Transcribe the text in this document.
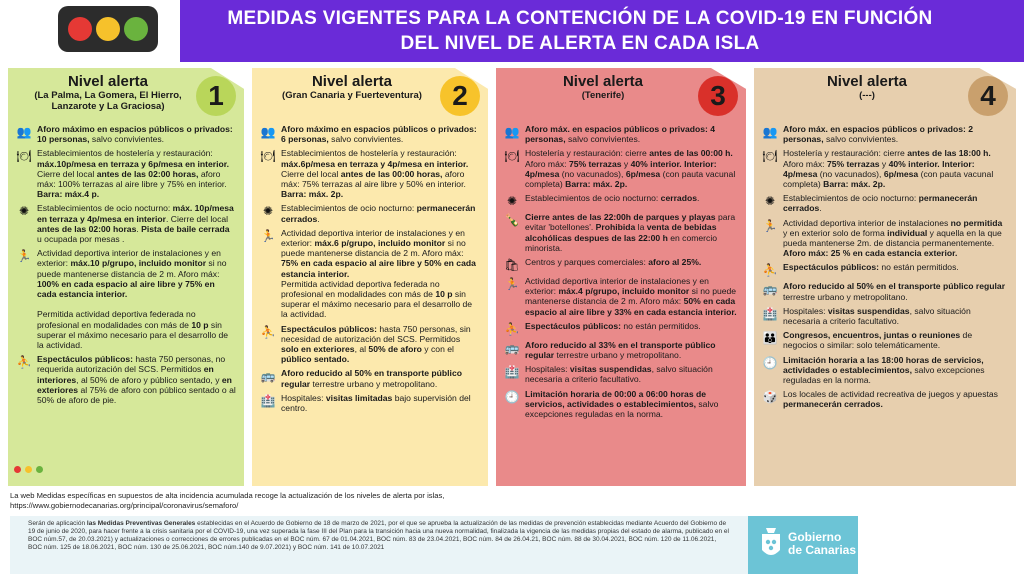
MEDIDAS VIGENTES PARA LA CONTENCIÓN DE LA COVID-19 EN FUNCIÓN
DEL NIVEL DE ALERTA EN CADA ISLA
Nivel alerta
(La Palma, La Gomera, El Hierro, Lanzarote y La Graciosa)	1
👥 Aforo máximo en espacios públicos o privados: 10 personas, salvo convivientes.
🍽 Establecimientos de hostelería y restauración: máx.10p/mesa en terraza y 6p/mesa en interior. Cierre del local antes de las 02:00 horas, aforo máx: 100% terrazas al aire libre y 75% en interior. Barra: máx.4 p.
✺ Establecimientos de ocio nocturno: máx. 10p/mesa en terraza y 4p/mesa en interior. Cierre del local antes de las 02:00 horas. Pista de baile cerrada u ocupada por mesas .
🏃 Actividad deportiva interior de instalaciones y en exterior: máx.10 p/grupo, incluido monitor si no puede mantenerse distancia de 2 m. Aforo máx: 100% en cada espacio al aire libre y 75% en cada estancia interior.

Permitida actividad deportiva federada no profesional en modalidades con más de 10 p sin superar el máximo necesario para el desarrollo de la actividad.
⛹ Espectáculos públicos: hasta 750 personas, no requerida autorización del SCS. Permitidos en interiores, al 50% de aforo y público sentado, y en exteriores al 75% de aforo con público sentado o al 50% de aforo de pie.
Nivel alerta
(Gran Canaria y Fuerteventura)	2
👥 Aforo máximo en espacios públicos o privados: 6 personas, salvo convivientes.
🍽 Establecimientos de hostelería y restauración: máx.6p/mesa en terraza y 4p/mesa en interior. Cierre del local antes de las 00:00 horas, aforo máx: 75% terrazas al aire libre y 50% en interior. Barra: máx. 2p.
✺ Establecimientos de ocio nocturno: permanecerán cerrados.
🏃 Actividad deportiva interior de instalaciones y en exterior: máx.6 p/grupo, incluido monitor si no puede mantenerse distancia de 2 m. Aforo máx: 75% en cada espacio al aire libre y 50% en cada estancia interior.
Permitida actividad deportiva federada no profesional en modalidades con más de 10 p sin superar el máximo necesario para el desarrollo de la actividad.
⛹ Espectáculos públicos: hasta 750 personas, sin necesidad de autorización del SCS. Permitidos solo en exteriores, al 50% de aforo y con el público sentado.
🚌 Aforo reducido al 50% en transporte público regular terrestre urbano y metropolitano.
🏥 Hospitales: visitas limitadas bajo supervisión del centro.
Nivel alerta
(Tenerife)	3
👥 Aforo máx. en espacios públicos o privados: 4 personas, salvo convivientes.
🍽 Hostelería y restauración: cierre antes de las 00:00 h. Aforo máx: 75% terrazas y 40% interior. Interior: 4p/mesa (no vacunados), 6p/mesa (con pauta vacunal completa) Barra: máx. 2p.
✺ Establecimientos de ocio nocturno: cerrados.
🍾 Cierre antes de las 22:00h de parques y playas para evitar 'botellones'. Prohibida la venta de bebidas alcohólicas despues de las 22:00 h en comercio minorista.
🛍 Centros y parques comerciales: aforo al 25%.
🏃 Actividad deportiva interior de instalaciones y en exterior: máx.4 p/grupo, incluido monitor si no puede mantenerse distancia de 2 m. Aforo máx: 50% en cada espacio al aire libre y 33% en cada estancia interior.
⛹ Espectáculos públicos: no están permitidos.
🚌 Aforo reducido al 33% en el transporte público regular terrestre urbano y metropolitano.
🏥 Hospitales: visitas suspendidas, salvo situación necesaria a criterio facultativo.
🕘 Limitación horaria de 00:00 a 06:00 horas de servicios, actividades o establecimientos, salvo excepciones reguladas en la norma.
Nivel alerta
(---)	4
👥 Aforo máx. en espacios públicos o privados: 2 personas, salvo convivientes.
🍽 Hostelería y restauración: cierre antes de las 18:00 h. Aforo máx: 75% terrazas y 40% interior. Interior: 4p/mesa (no vacunados), 6p/mesa (con pauta vacunal completa) Barra: máx. 2p.
✺ Establecimientos de ocio nocturno: permanecerán cerrados.
🏃 Actividad deportiva interior de instalaciones no permitida y en exterior solo de forma individual y aquella en la que pueda mantenerse 2m. de distancia permanentemente. Aforo máx: 25 % en cada estancia exterior.
⛹ Espectáculos públicos: no están permitidos.
🚌 Aforo reducido al 50% en el transporte público regular terrestre urbano y metropolitano.
🏥 Hospitales: visitas suspendidas, salvo situación necesaria a criterio facultativo.
👪 Congresos, encuentros, juntas o reuniones de negocios o similar: solo telemáticamente.
🕘 Limitación horaria a las 18:00 horas de servicios, actividades o establecimientos, salvo excepciones reguladas en la norma.
🎲 Los locales de actividad recreativa de juegos y apuestas permanecerán cerrados.
La web Medidas específicas en supuestos de alta incidencia acumulada recoge la actualización de los niveles de alerta por islas,
https://www.gobiernodecanarias.org/principal/coronavirus/semaforo/
Serán de aplicación las Medidas Preventivas Generales establecidas en el Acuerdo de Gobierno de 18 de marzo de 2021, por el que se aprueba la actualización de las medidas de prevención establecidas mediante Acuerdo del Gobierno de 19 de junio de 2020, para hacer frente a la crisis sanitaria por el COVID-19, una vez superada la fase III del Plan para la transición hacia una nueva normalidad, finalizada la vigencia de las medidas propias del estado de alarma, publicado en el BOC núm.57, de 20.03.2021) y actualizaciones o correcciones de errores publicadas en el BOC núm. 67 de 01.04.2021, BOC núm. 83 de 23.04.2021, BOC núm. 84 de 26.04.21, BOC núm. 88 de 30.04.2021, BOC núm. 120 de 11.06.2021, BOC núm. 125 de 18.06.2021, BOC núm. 130 de 25.06.2021, BOC núm.140 de 9.07.2021) y BOC núm. 141 de 10.07.2021
Gobierno
de Canarias
